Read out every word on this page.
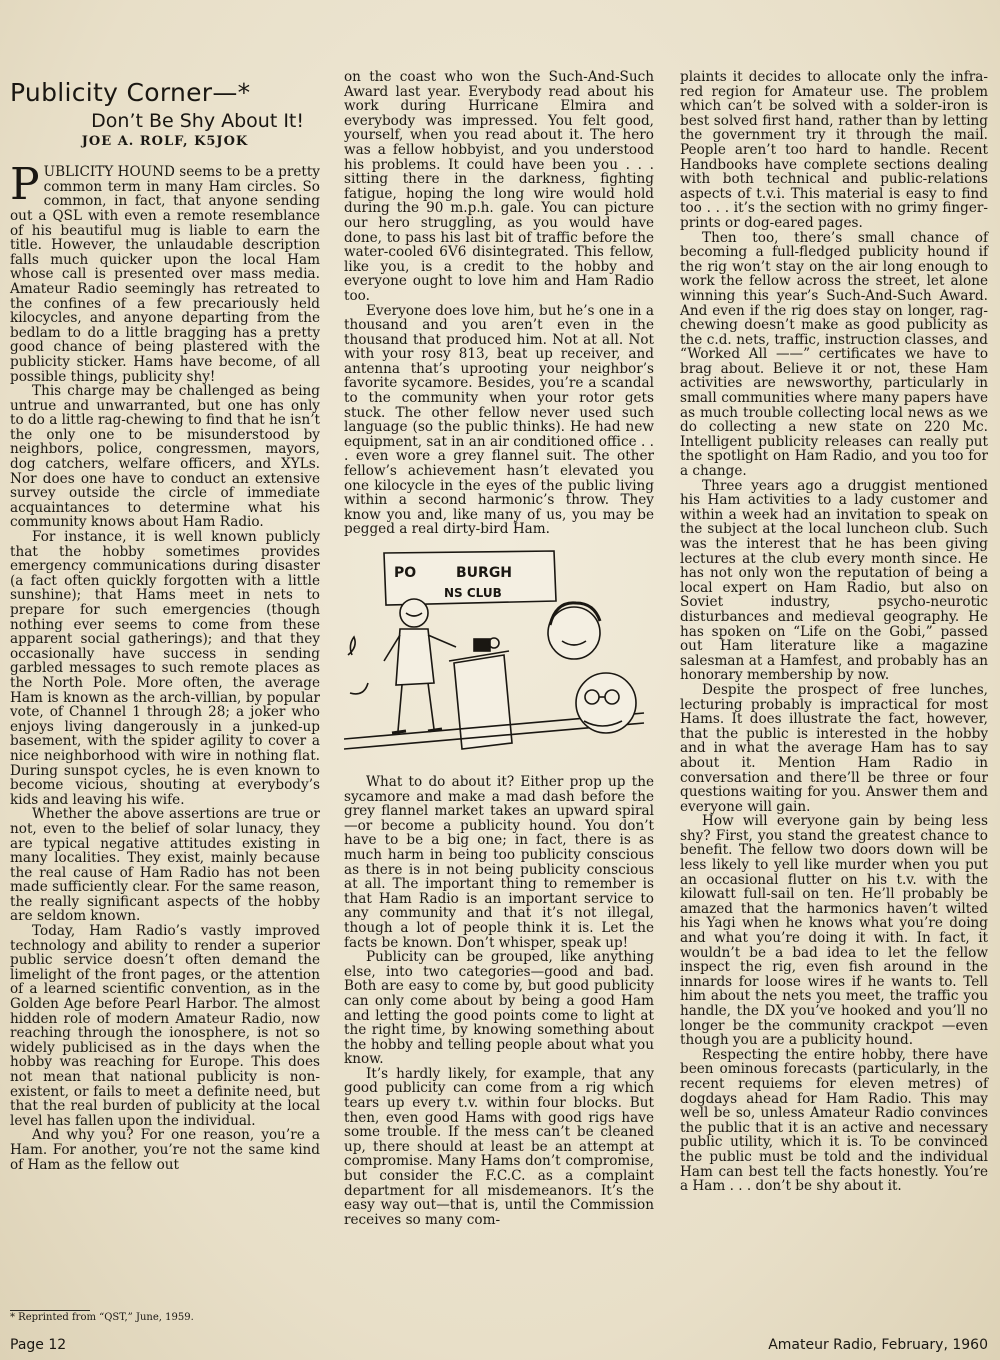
Publicity Corner—*
Don’t Be Shy About It!
JOE A. ROLF, K5JOK

PUBLICITY HOUND seems to be a pretty common term in many Ham circles. So common, in fact, that anyone sending out a QSL with even a remote resemblance of his beautiful mug is liable to earn the title. However, the unlaudable description falls much quicker upon the local Ham whose call is presented over mass media. Amateur Radio seemingly has retreated to the confines of a few precariously held kilocycles, and anyone departing from the bedlam to do a little bragging has a pretty good chance of being plastered with the publicity sticker. Hams have become, of all possible things, publicity shy!

This charge may be challenged as being untrue and unwarranted, but one has only to do a little rag-chewing to find that he isn’t the only one to be misunderstood by neighbors, police, congressmen, mayors, dog catchers, welfare officers, and XYLs. Nor does one have to conduct an extensive survey outside the circle of immediate acquaintances to determine what his community knows about Ham Radio.

For instance, it is well known publicly that the hobby sometimes provides emergency communications during disaster (a fact often quickly forgotten with a little sunshine); that Hams meet in nets to prepare for such emergencies (though nothing ever seems to come from these apparent social gatherings); and that they occasionally have success in sending garbled messages to such remote places as the North Pole. More often, the average Ham is known as the arch-villian, by popular vote, of Channel 1 through 28; a joker who enjoys living dangerously in a junked-up basement, with the spider agility to cover a nice neighborhood with wire in nothing flat. During sunspot cycles, he is even known to become vicious, shouting at everybody’s kids and leaving his wife.

Whether the above assertions are true or not, even to the belief of solar lunacy, they are typical negative attitudes existing in many localities. They exist, mainly because the real cause of Ham Radio has not been made sufficiently clear. For the same reason, the really significant aspects of the hobby are seldom known.

Today, Ham Radio’s vastly improved technology and ability to render a superior public service doesn’t often demand the limelight of the front pages, or the attention of a learned scientific convention, as in the Golden Age before Pearl Harbor. The almost hidden role of modern Amateur Radio, now reaching through the ionosphere, is not so widely publicised as in the days when the hobby was reaching for Europe. This does not mean that national publicity is non-existent, or fails to meet a definite need, but that the real burden of publicity at the local level has fallen upon the individual.

And why you? For one reason, you’re a Ham. For another, you’re not the same kind of Ham as the fellow out

on the coast who won the Such-And-Such Award last year. Everybody read about his work during Hurricane Elmira and everybody was impressed. You felt good, yourself, when you read about it. The hero was a fellow hobbyist, and you understood his problems. It could have been you . . . sitting there in the darkness, fighting fatigue, hoping the long wire would hold during the 90 m.p.h. gale. You can picture our hero struggling, as you would have done, to pass his last bit of traffic before the water-cooled 6V6 disintegrated. This fellow, like you, is a credit to the hobby and everyone ought to love him and Ham Radio too.

Everyone does love him, but he’s one in a thousand and you aren’t even in the thousand that produced him. Not at all. Not with your rosy 813, beat up receiver, and antenna that’s uprooting your neighbor’s favorite sycamore. Besides, you’re a scandal to the community when your rotor gets stuck. The other fellow never used such language (so the public thinks). He had new equipment, sat in an air conditioned office . . . even wore a grey flannel suit. The other fellow’s achievement hasn’t elevated you one kilocycle in the eyes of the public living within a second harmonic’s throw. They know you and, like many of us, you may be pegged a real dirty-bird Ham.

PO	BURGH
NS CLUB

What to do about it? Either prop up the sycamore and make a mad dash before the grey flannel market takes an upward spiral—or become a publicity hound. You don’t have to be a big one; in fact, there is as much harm in being too publicity conscious as there is in not being publicity conscious at all. The important thing to remember is that Ham Radio is an important service to any community and that it’s not illegal, though a lot of people think it is. Let the facts be known. Don’t whisper, speak up!

Publicity can be grouped, like anything else, into two categories—good and bad. Both are easy to come by, but good publicity can only come about by being a good Ham and letting the good points come to light at the right time, by knowing something about the hobby and telling people about what you know.

It’s hardly likely, for example, that any good publicity can come from a rig which tears up every t.v. within four blocks. But then, even good Hams with good rigs have some trouble. If the mess can’t be cleaned up, there should at least be an attempt at compromise. Many Hams don’t compromise, but consider the F.C.C. as a complaint department for all misdemeanors. It’s the easy way out—that is, until the Commission receives so many com-

plaints it decides to allocate only the infra-red region for Amateur use. The problem which can’t be solved with a solder-iron is best solved first hand, rather than by letting the government try it through the mail. People aren’t too hard to handle. Recent Handbooks have complete sections dealing with both technical and public-relations aspects of t.v.i. This material is easy to find too . . . it’s the section with no grimy finger-prints or dog-eared pages.

Then too, there’s small chance of becoming a full-fledged publicity hound if the rig won’t stay on the air long enough to work the fellow across the street, let alone winning this year’s Such-And-Such Award. And even if the rig does stay on longer, rag-chewing doesn’t make as good publicity as the c.d. nets, traffic, instruction classes, and “Worked All ——” certificates we have to brag about. Believe it or not, these Ham activities are newsworthy, particularly in small communities where many papers have as much trouble collecting local news as we do collecting a new state on 220 Mc. Intelligent publicity releases can really put the spotlight on Ham Radio, and you too for a change.

Three years ago a druggist mentioned his Ham activities to a lady customer and within a week had an invitation to speak on the subject at the local luncheon club. Such was the interest that he has been giving lectures at the club every month since. He has not only won the reputation of being a local expert on Ham Radio, but also on Soviet industry, psycho-neurotic disturbances and medieval geography. He has spoken on “Life on the Gobi,” passed out Ham literature like a magazine salesman at a Hamfest, and probably has an honorary membership by now.

Despite the prospect of free lunches, lecturing probably is impractical for most Hams. It does illustrate the fact, however, that the public is interested in the hobby and in what the average Ham has to say about it. Mention Ham Radio in conversation and there’ll be three or four questions waiting for you. Answer them and everyone will gain.

How will everyone gain by being less shy? First, you stand the greatest chance to benefit. The fellow two doors down will be less likely to yell like murder when you put an occasional flutter on his t.v. with the kilowatt full-sail on ten. He’ll probably be amazed that the harmonics haven’t wilted his Yagi when he knows what you’re doing and what you’re doing it with. In fact, it wouldn’t be a bad idea to let the fellow inspect the rig, even fish around in the innards for loose wires if he wants to. Tell him about the nets you meet, the traffic you handle, the DX you’ve hooked and you’ll no longer be the community crackpot —even though you are a publicity hound.

Respecting the entire hobby, there have been ominous forecasts (particularly, in the recent requiems for eleven metres) of dogdays ahead for Ham Radio. This may well be so, unless Amateur Radio convinces the public that it is an active and necessary public utility, which it is. To be convinced the public must be told and the individual Ham can best tell the facts honestly. You’re a Ham . . . don’t be shy about it.

* Reprinted from “QST,” June, 1959.
Page 12	Amateur Radio, February, 1960
